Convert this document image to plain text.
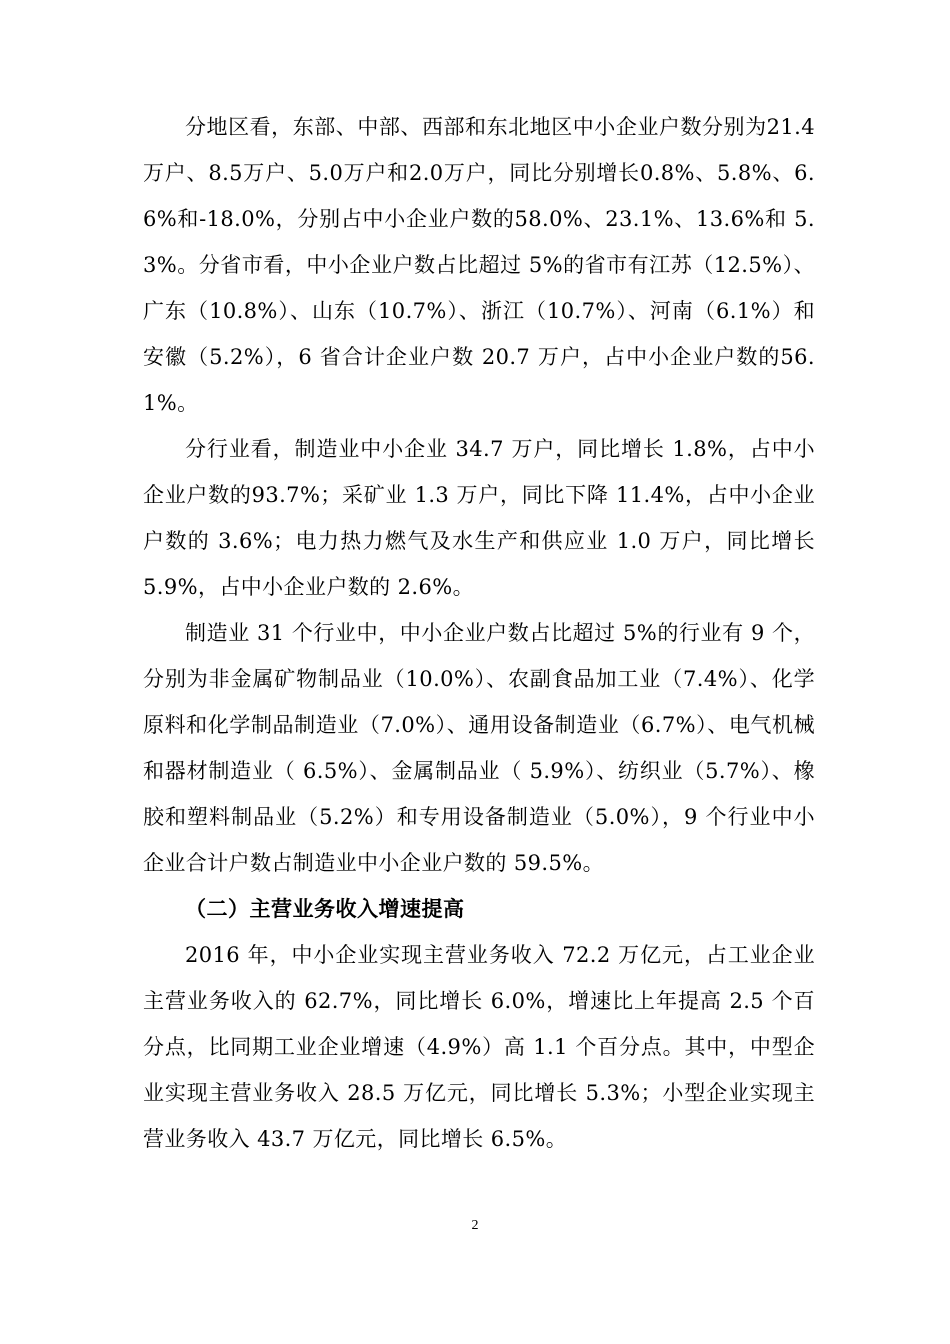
分地区看，东部、中部、西部和东北地区中小企业户数分别为21.4万户、8.5万户、5.0万户和2.0万户，同比分别增长0.8%、5.8%、6.6%和-18.0%，分别占中小企业户数的58.0%、23.1%、13.6%和 5.3%。分省市看，中小企业户数占比超过 5%的省市有江苏（12.5%）、广东（10.8%）、山东（10.7%）、浙江（10.7%）、河南（6.1%）和安徽（5.2%），6 省合计企业户数 20.7 万户，占中小企业户数的56.1%。

分行业看，制造业中小企业 34.7 万户，同比增长 1.8%，占中小企业户数的93.7%；采矿业 1.3 万户，同比下降 11.4%，占中小企业户数的 3.6%；电力热力燃气及水生产和供应业 1.0 万户，同比增长 5.9%，占中小企业户数的 2.6%。

制造业 31 个行业中，中小企业户数占比超过 5%的行业有 9 个，分别为非金属矿物制品业（10.0%）、农副食品加工业（7.4%）、化学原料和化学制品制造业（7.0%）、通用设备制造业（6.7%）、电气机械和器材制造业（ 6.5%）、金属制品业（ 5.9%）、纺织业（5.7%）、橡胶和塑料制品业（5.2%）和专用设备制造业（5.0%），9 个行业中小企业合计户数占制造业中小企业户数的 59.5%。

（二）主营业务收入增速提高

2016 年，中小企业实现主营业务收入 72.2 万亿元，占工业企业主营业务收入的 62.7%，同比增长 6.0%，增速比上年提高 2.5 个百分点，比同期工业企业增速（4.9%）高 1.1 个百分点。其中，中型企业实现主营业务收入 28.5 万亿元，同比增长 5.3%；小型企业实现主营业务收入 43.7 万亿元，同比增长 6.5%。

2
